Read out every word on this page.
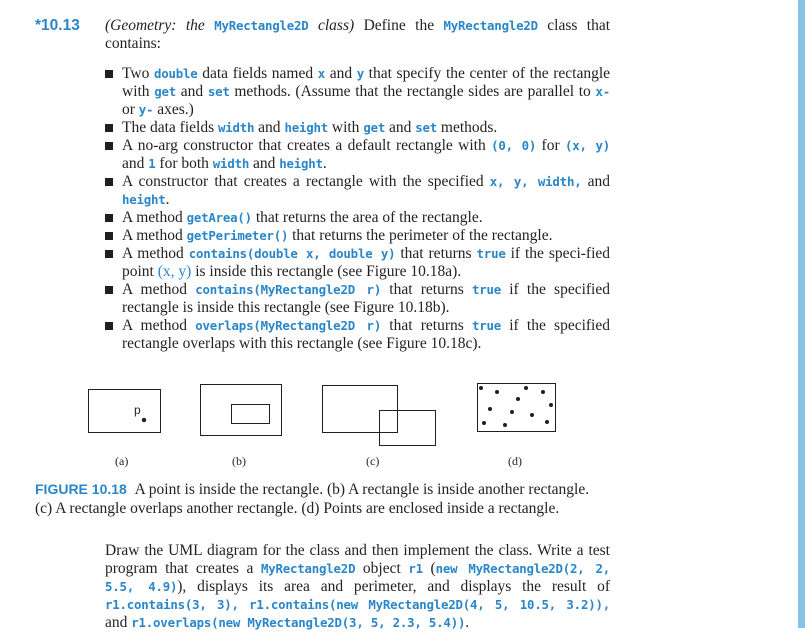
*10.13 (Geometry: the MyRectangle2D class) Define the MyRectangle2D class that contains:
Two double data fields named x and y that specify the center of the rectangle with get and set methods. (Assume that the rectangle sides are parallel to x- or y- axes.)
The data fields width and height with get and set methods.
A no-arg constructor that creates a default rectangle with (0, 0) for (x, y) and 1 for both width and height.
A constructor that creates a rectangle with the specified x, y, width, and height.
A method getArea() that returns the area of the rectangle.
A method getPerimeter() that returns the perimeter of the rectangle.
A method contains(double x, double y) that returns true if the speci-fied point (x, y) is inside this rectangle (see Figure 10.18a).
A method contains(MyRectangle2D r) that returns true if the specified rectangle is inside this rectangle (see Figure 10.18b).
A method overlaps(MyRectangle2D r) that returns true if the specified rectangle overlaps with this rectangle (see Figure 10.18c).
p
(a)	(b)	(c)	(d)
FIGURE 10.18 A point is inside the rectangle. (b) A rectangle is inside another rectangle. (c) A rectangle overlaps another rectangle. (d) Points are enclosed inside a rectangle.
Draw the UML diagram for the class and then implement the class. Write a test program that creates a MyRectangle2D object r1 (new MyRectangle2D(2, 2, 5.5, 4.9)), displays its area and perimeter, and displays the result of r1.contains(3, 3), r1.contains(new MyRectangle2D(4, 5, 10.5, 3.2)), and r1.overlaps(new MyRectangle2D(3, 5, 2.3, 5.4)).
